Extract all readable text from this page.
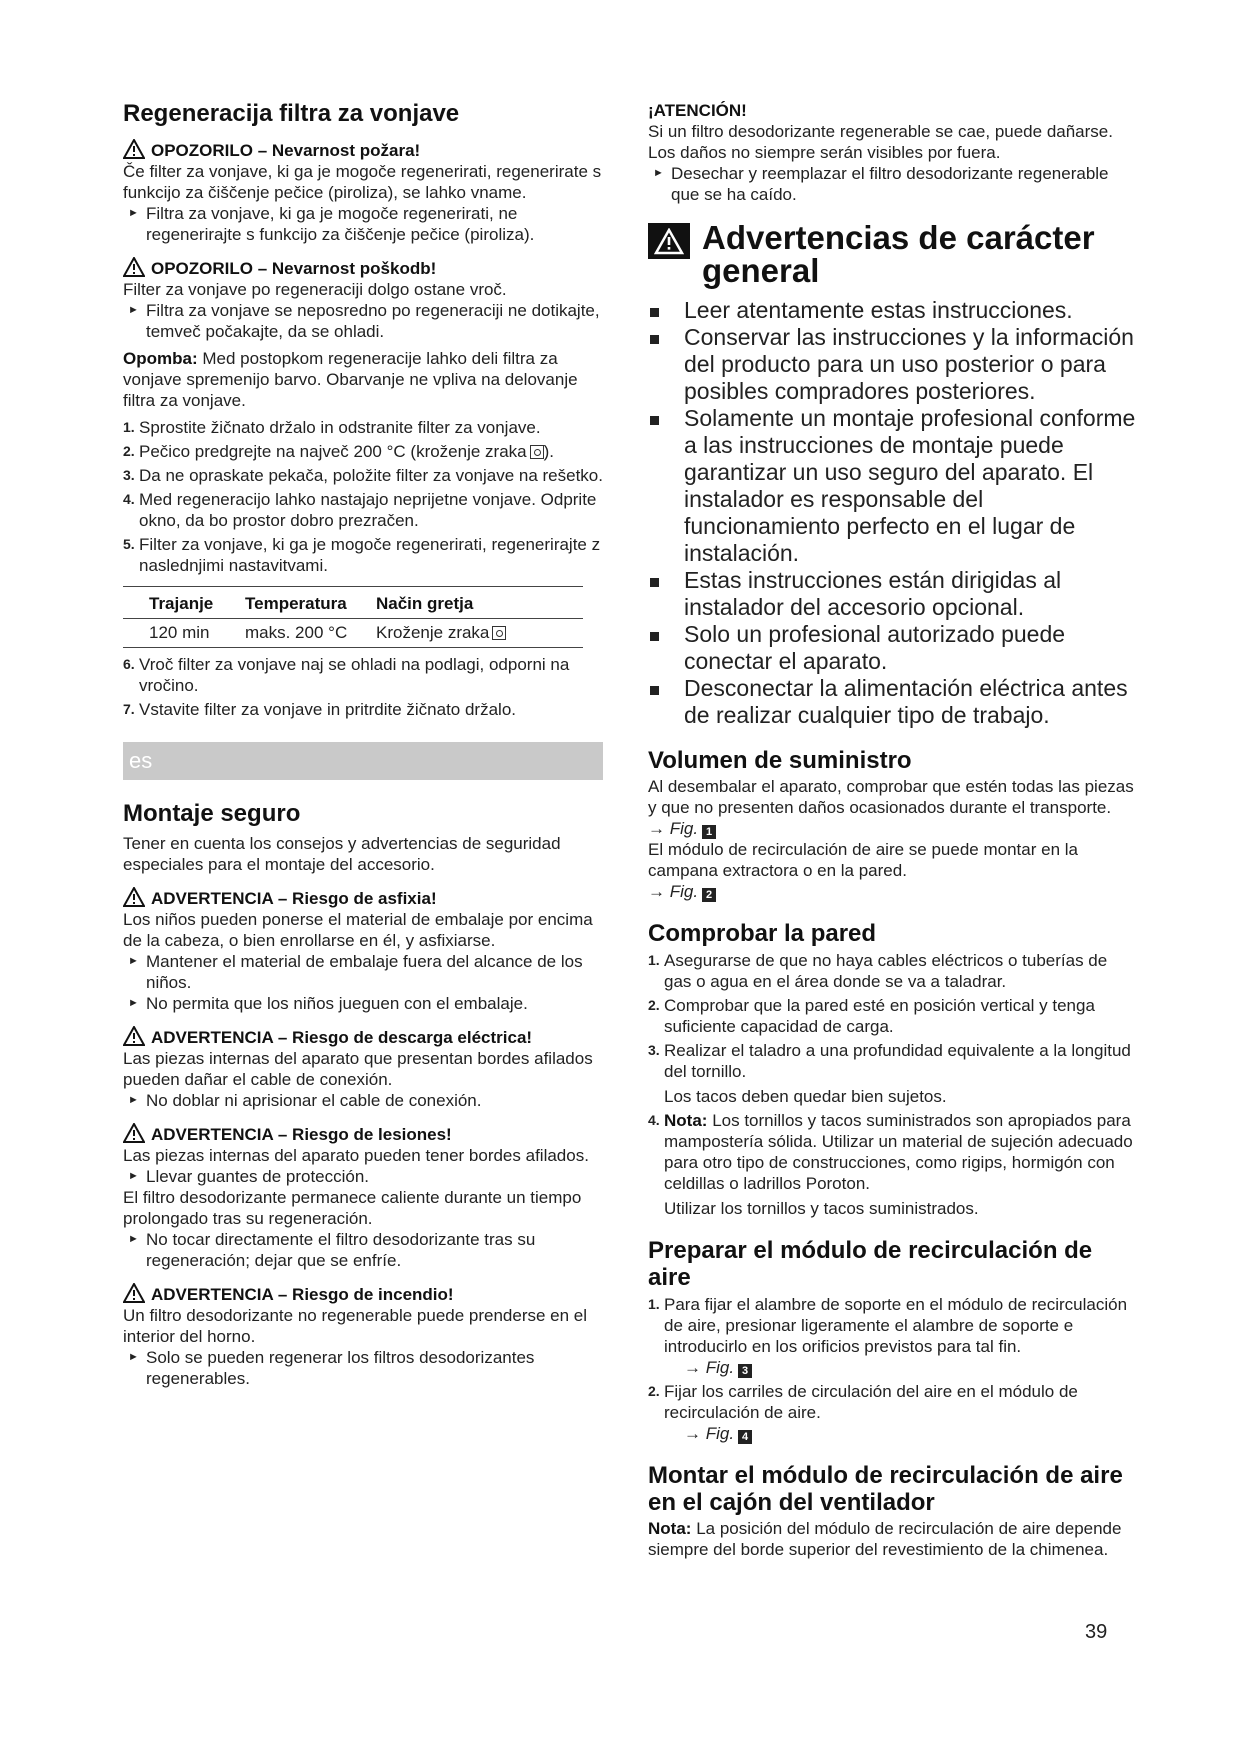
Regeneracija filtra za vonjave

OPOZORILO – Nevarnost požara!

Če filter za vonjave, ki ga je mogoče regenerirati, regenerirate s funkcijo za čiščenje pečice (piroliza), se lahko vname.

► Filtra za vonjave, ki ga je mogoče regenerirati, ne regenerirajte s funkcijo za čiščenje pečice (piroliza).
OPOZORILO – Nevarnost poškodb!

Filter za vonjave po regeneraciji dolgo ostane vroč.

► Filtra za vonjave se neposredno po regeneraciji ne dotikajte, temveč počakajte, da se ohladi.

Opomba: Med postopkom regeneracije lahko deli filtra za vonjave spremenijo barvo. Obarvanje ne vpliva na delovanje filtra za vonjave.

1. Sprostite žičnato držalo in odstranite filter za vonjave.
2. Pečico predgrejte na največ 200 °C (kroženje zraka ).
3. Da ne opraskate pekača, položite filter za vonjave na rešetko.
4. Med regeneracijo lahko nastajajo neprijetne vonjave. Odprite okno, da bo prostor dobro prezračen.
5. Filter za vonjave, ki ga je mogoče regenerirati, regenerirajte z naslednjimi nastavitvami.
Trajanje	Temperatura	Način gretja
120 min	maks. 200 °C	Kroženje zraka
6. Vroč filter za vonjave naj se ohladi na podlagi, odporni na vročino.
7. Vstavite filter za vonjave in pritrdite žičnato držalo.
es

Montaje seguro

Tener en cuenta los consejos y advertencias de seguridad especiales para el montaje del accesorio.

ADVERTENCIA – Riesgo de asfixia!

Los niños pueden ponerse el material de embalaje por encima de la cabeza, o bien enrollarse en él, y asfixiarse.

► Mantener el material de embalaje fuera del alcance de los niños.
► No permita que los niños jueguen con el embalaje.
ADVERTENCIA – Riesgo de descarga eléctrica!

Las piezas internas del aparato que presentan bordes afilados pueden dañar el cable de conexión.

► No doblar ni aprisionar el cable de conexión.
ADVERTENCIA – Riesgo de lesiones!

Las piezas internas del aparato pueden tener bordes afilados.

► Llevar guantes de protección.

El filtro desodorizante permanece caliente durante un tiempo prolongado tras su regeneración.

► No tocar directamente el filtro desodorizante tras su regeneración; dejar que se enfríe.
ADVERTENCIA – Riesgo de incendio!

Un filtro desodorizante no regenerable puede prenderse en el interior del horno.

► Solo se pueden regenerar los filtros desodorizantes regenerables.

¡ATENCIÓN!

Si un filtro desodorizante regenerable se cae, puede dañarse. Los daños no siempre serán visibles por fuera.

► Desechar y reemplazar el filtro desodorizante regenerable que se ha caído.
Advertencias de carácter general
Leer atentamente estas instrucciones.
Conservar las instrucciones y la información del producto para un uso posterior o para posibles compradores posteriores.
Solamente un montaje profesional conforme a las instrucciones de montaje puede garantizar un uso seguro del aparato. El instalador es responsable del funcionamiento perfecto en el lugar de instalación.
Estas instrucciones están dirigidas al instalador del accesorio opcional.
Solo un profesional autorizado puede conectar el aparato.
Desconectar la alimentación eléctrica antes de realizar cualquier tipo de trabajo.

Volumen de suministro

Al desembalar el aparato, comprobar que estén todas las piezas y que no presenten daños ocasionados durante el transporte.

→ Fig. 1

El módulo de recirculación de aire se puede montar en la campana extractora o en la pared.

→ Fig. 2

Comprobar la pared

1. Asegurarse de que no haya cables eléctricos o tuberías de gas o agua en el área donde se va a taladrar.
2. Comprobar que la pared esté en posición vertical y tenga suficiente capacidad de carga.
3. Realizar el taladro a una profundidad equivalente a la longitud del tornillo.

Los tacos deben quedar bien sujetos.

4. Nota: Los tornillos y tacos suministrados son apropiados para mampostería sólida. Utilizar un material de sujeción adecuado para otro tipo de construcciones, como rigips, hormigón con celdillas o ladrillos Poroton.

Utilizar los tornillos y tacos suministrados.

Preparar el módulo de recirculación de aire

1. Para fijar el alambre de soporte en el módulo de recirculación de aire, presionar ligeramente el alambre de soporte e introducirlo en los orificios previstos para tal fin.

→ Fig. 3

2. Fijar los carriles de circulación del aire en el módulo de recirculación de aire.

→ Fig. 4

Montar el módulo de recirculación de aire en el cajón del ventilador

Nota: La posición del módulo de recirculación de aire depende siempre del borde superior del revestimiento de la chimenea.

39
